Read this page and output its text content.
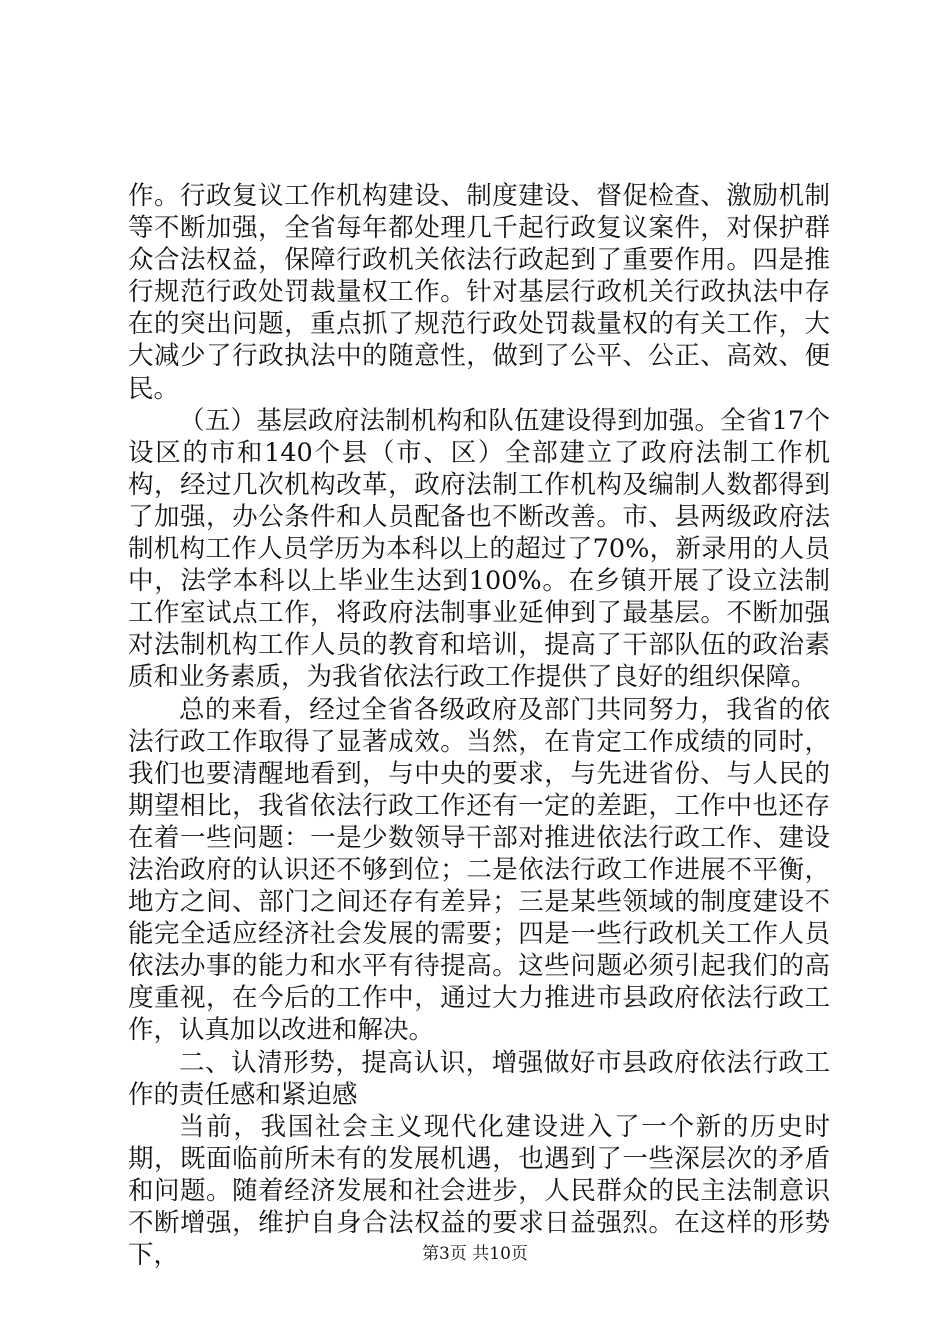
作。行政复议工作机构建设、制度建设、督促检查、激励机制等不断加强，全省每年都处理几千起行政复议案件，对保护群众合法权益，保障行政机关依法行政起到了重要作用。四是推行规范行政处罚裁量权工作。针对基层行政机关行政执法中存在的突出问题，重点抓了规范行政处罚裁量权的有关工作，大大减少了行政执法中的随意性，做到了公平、公正、高效、便民。

（五）基层政府法制机构和队伍建设得到加强。全省17个设区的市和140个县（市、区）全部建立了政府法制工作机构，经过几次机构改革，政府法制工作机构及编制人数都得到了加强，办公条件和人员配备也不断改善。市、县两级政府法制机构工作人员学历为本科以上的超过了70%，新录用的人员中，法学本科以上毕业生达到100%。在乡镇开展了设立法制工作室试点工作，将政府法制事业延伸到了最基层。不断加强对法制机构工作人员的教育和培训，提高了干部队伍的政治素质和业务素质，为我省依法行政工作提供了良好的组织保障。

总的来看，经过全省各级政府及部门共同努力，我省的依法行政工作取得了显著成效。当然，在肯定工作成绩的同时，我们也要清醒地看到，与中央的要求，与先进省份、与人民的期望相比，我省依法行政工作还有一定的差距，工作中也还存在着一些问题：一是少数领导干部对推进依法行政工作、建设法治政府的认识还不够到位；二是依法行政工作进展不平衡，地方之间、部门之间还存有差异；三是某些领域的制度建设不能完全适应经济社会发展的需要；四是一些行政机关工作人员依法办事的能力和水平有待提高。这些问题必须引起我们的高度重视，在今后的工作中，通过大力推进市县政府依法行政工作，认真加以改进和解决。

二、认清形势，提高认识，增强做好市县政府依法行政工作的责任感和紧迫感

当前，我国社会主义现代化建设进入了一个新的历史时期，既面临前所未有的发展机遇，也遇到了一些深层次的矛盾和问题。随着经济发展和社会进步，人民群众的民主法制意识不断增强，维护自身合法权益的要求日益强烈。在这样的形势下，	第3页 共10页
